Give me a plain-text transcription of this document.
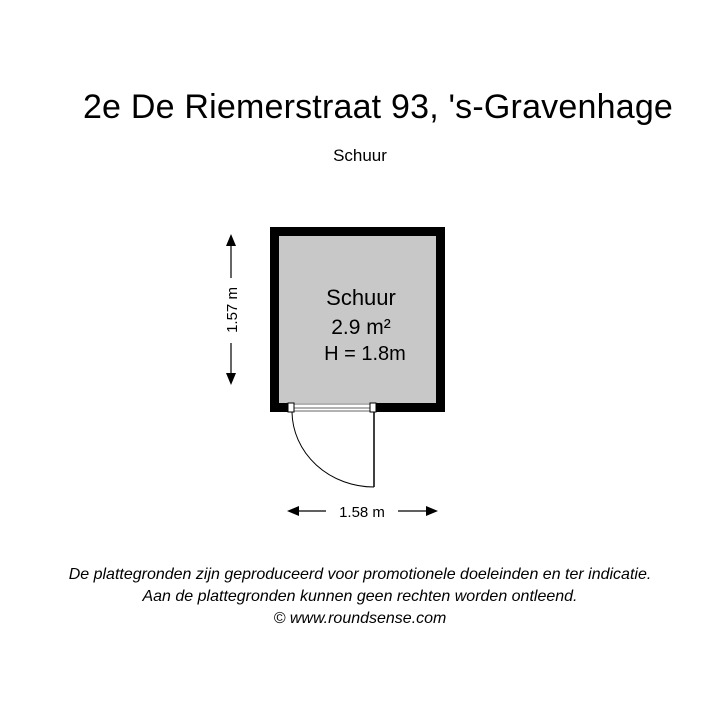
2e De Riemerstraat 93, 's-Gravenhage
Schuur
Schuur
2.9 m²
H = 1.8m
1.57 m
1.58 m
De plattegronden zijn geproduceerd voor promotionele doeleinden en ter indicatie.
Aan de plattegronden kunnen geen rechten worden ontleend.
© www.roundsense.com
